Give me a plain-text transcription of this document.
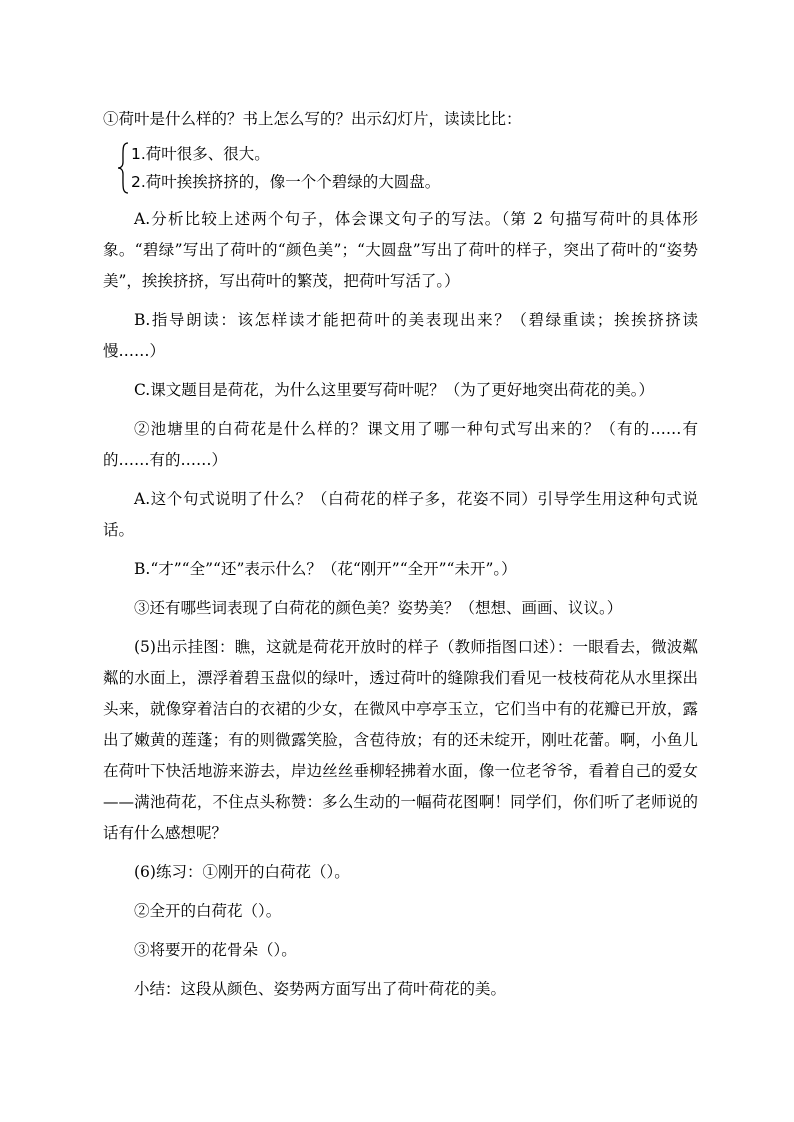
①荷叶是什么样的？书上怎么写的？出示幻灯片，读读比比：

1.荷叶很多、很大。
2.荷叶挨挨挤挤的，像一个个碧绿的大圆盘。

A.分析比较上述两个句子，体会课文句子的写法。（第 2 句描写荷叶的具体形象。“碧绿”写出了荷叶的“颜色美”；“大圆盘”写出了荷叶的样子，突出了荷叶的“姿势美”，挨挨挤挤，写出荷叶的繁茂，把荷叶写活了。）

B.指导朗读：该怎样读才能把荷叶的美表现出来？（碧绿重读；挨挨挤挤读慢……）

C.课文题目是荷花，为什么这里要写荷叶呢？（为了更好地突出荷花的美。）

②池塘里的白荷花是什么样的？课文用了哪一种句式写出来的？（有的……有的……有的……）

A.这个句式说明了什么？（白荷花的样子多，花姿不同）引导学生用这种句式说话。

B.“才”“全”“还”表示什么？（花“刚开”“全开”“未开”。）

③还有哪些词表现了白荷花的颜色美？姿势美？（想想、画画、议议。）

(5)出示挂图：瞧，这就是荷花开放时的样子（教师指图口述）：一眼看去，微波粼粼的水面上，漂浮着碧玉盘似的绿叶，透过荷叶的缝隙我们看见一枝枝荷花从水里探出头来，就像穿着洁白的衣裙的少女，在微风中亭亭玉立，它们当中有的花瓣已开放，露出了嫩黄的莲蓬；有的则微露笑脸，含苞待放；有的还未绽开，刚吐花蕾。啊，小鱼儿在荷叶下快活地游来游去，岸边丝丝垂柳轻拂着水面，像一位老爷爷，看着自己的爱女——满池荷花，不住点头称赞：多么生动的一幅荷花图啊！同学们，你们听了老师说的话有什么感想呢？

(6)练习：①刚开的白荷花（）。

②全开的白荷花（）。

③将要开的花骨朵（）。

小结：这段从颜色、姿势两方面写出了荷叶荷花的美。
